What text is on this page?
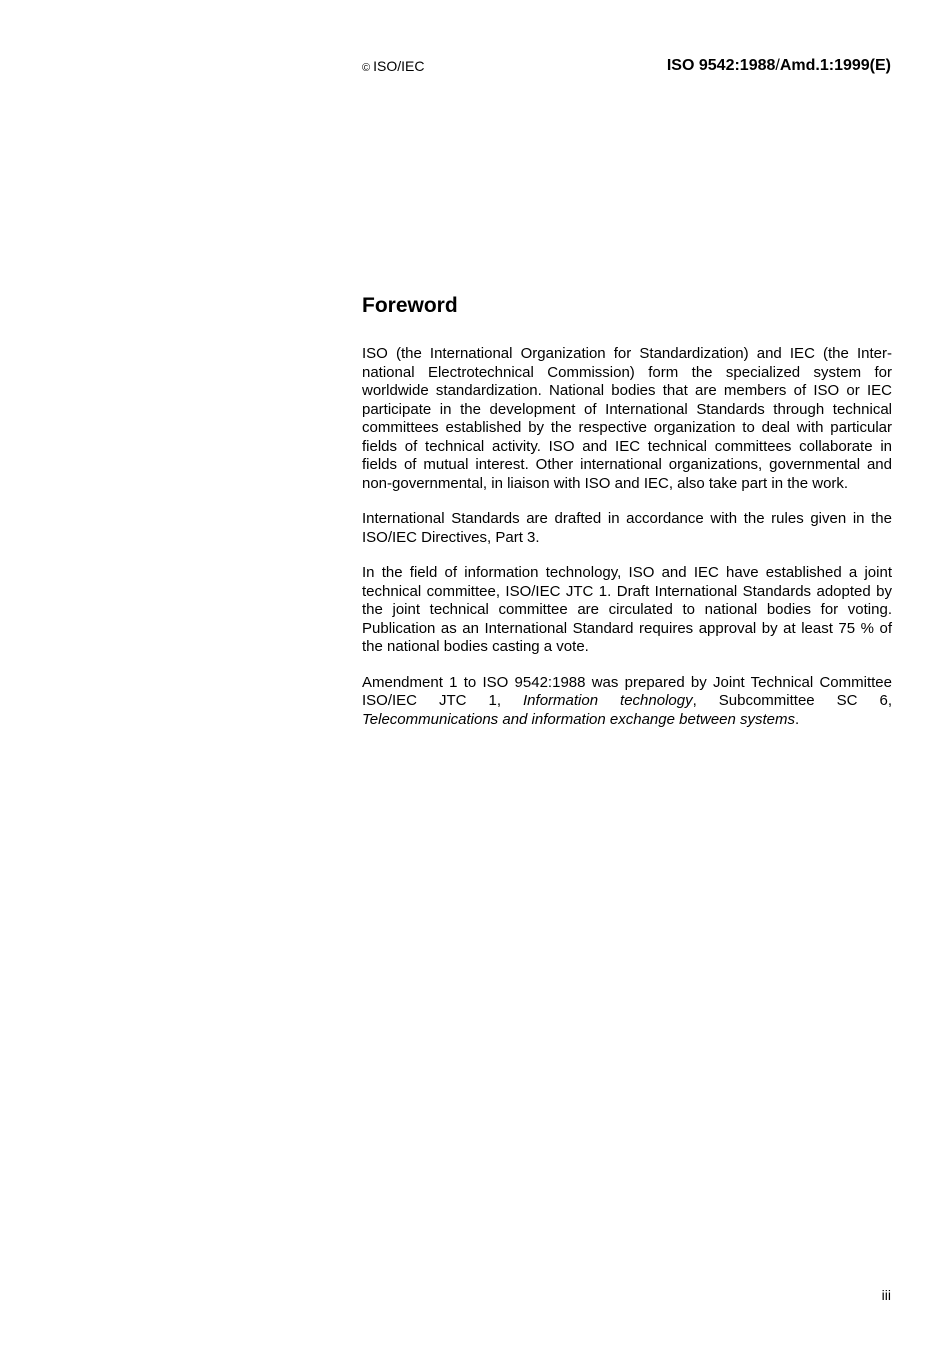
© ISO/IEC	ISO 9542:1988/Amd.1:1999(E)
Foreword

ISO (the International Organization for Standardization) and IEC (the International Electrotechnical Commission) form the specialized system for worldwide standardization. National bodies that are members of ISO or IEC participate in the development of International Standards through technical committees established by the respective organization to deal with particular fields of technical activity. ISO and IEC technical committees collaborate in fields of mutual interest. Other international organizations, governmental and non-governmental, in liaison with ISO and IEC, also take part in the work.

International Standards are drafted in accordance with the rules given in the ISO/IEC Directives, Part 3.

In the field of information technology, ISO and IEC have established a joint technical committee, ISO/IEC JTC 1. Draft International Standards adopted by the joint technical committee are circulated to national bodies for voting. Publication as an International Standard requires approval by at least 75 % of the national bodies casting a vote.

Amendment 1 to ISO 9542:1988 was prepared by Joint Technical Committee ISO/IEC JTC 1, Information technology, Subcommittee SC 6, Telecommunications and information exchange between systems.

iii
